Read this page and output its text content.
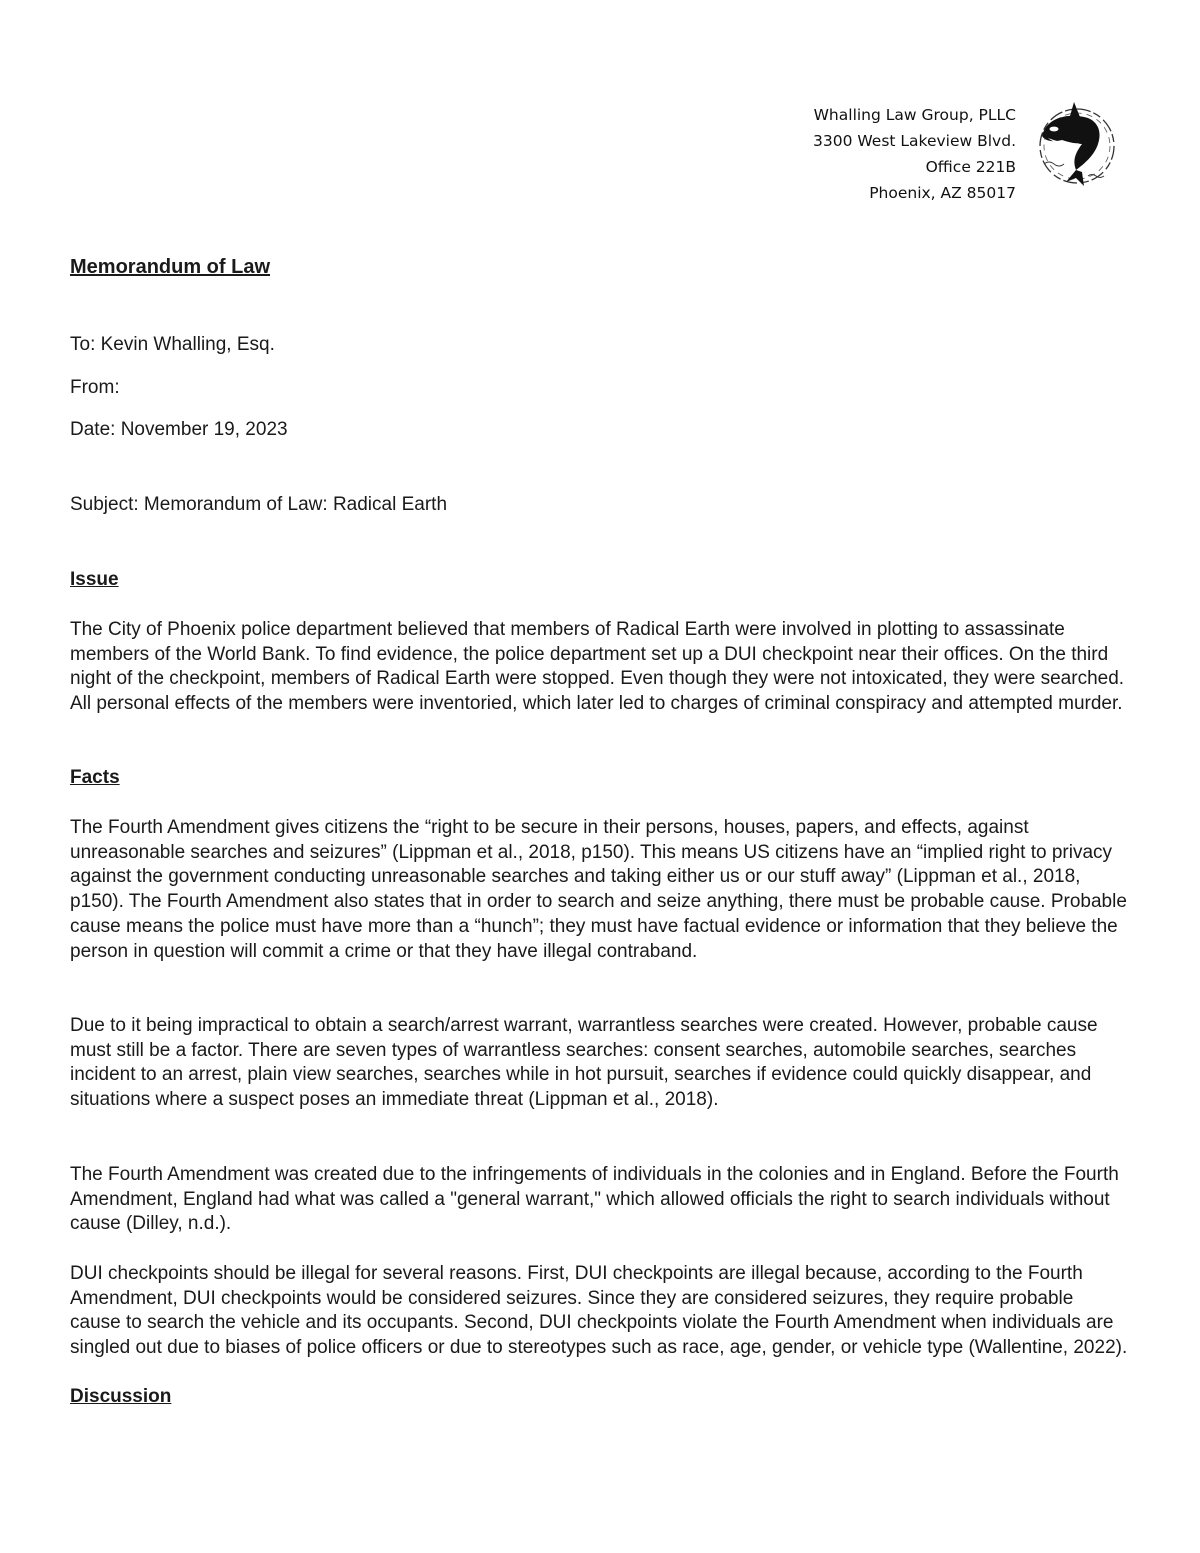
Whalling Law Group, PLLC
3300 West Lakeview Blvd.
Office 221B
Phoenix, AZ 85017
Memorandum of Law
To: Kevin Whalling, Esq.
From:
Date: November 19, 2023
Subject: Memorandum of Law: Radical Earth
Issue

The City of Phoenix police department believed that members of Radical Earth were involved in plotting to assassinate members of the World Bank. To find evidence, the police department set up a DUI checkpoint near their offices. On the third night of the checkpoint, members of Radical Earth were stopped. Even though they were not intoxicated, they were searched. All personal effects of the members were inventoried, which later led to charges of criminal conspiracy and attempted murder.

Facts

The Fourth Amendment gives citizens the “right to be secure in their persons, houses, papers, and effects, against unreasonable searches and seizures” (Lippman et al., 2018, p150). This means US citizens have an “implied right to privacy against the government conducting unreasonable searches and taking either us or our stuff away” (Lippman et al., 2018, p150). The Fourth Amendment also states that in order to search and seize anything, there must be probable cause. Probable cause means the police must have more than a “hunch”; they must have factual evidence or information that they believe the person in question will commit a crime or that they have illegal contraband.

Due to it being impractical to obtain a search/arrest warrant, warrantless searches were created. However, probable cause must still be a factor. There are seven types of warrantless searches: consent searches, automobile searches, searches incident to an arrest, plain view searches, searches while in hot pursuit, searches if evidence could quickly disappear, and situations where a suspect poses an immediate threat (Lippman et al., 2018).

The Fourth Amendment was created due to the infringements of individuals in the colonies and in England. Before the Fourth Amendment, England had what was called a "general warrant," which allowed officials the right to search individuals without cause (Dilley, n.d.).

DUI checkpoints should be illegal for several reasons. First, DUI checkpoints are illegal because, according to the Fourth Amendment, DUI checkpoints would be considered seizures. Since they are considered seizures, they require probable cause to search the vehicle and its occupants. Second, DUI checkpoints violate the Fourth Amendment when individuals are singled out due to biases of police officers or due to stereotypes such as race, age, gender, or vehicle type (Wallentine, 2022).

Discussion
